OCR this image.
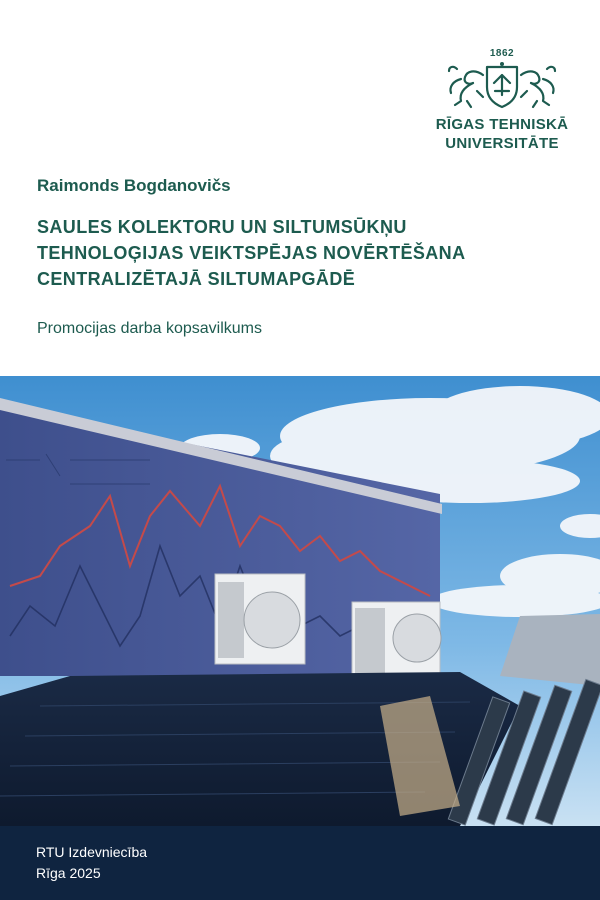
1862
RĪGAS TEHNISKĀ
UNIVERSITĀTE
Raimonds Bogdanovičs
SAULES KOLEKTORU UN SILTUMSŪKŅU
TEHNOLOĢIJAS VEIKTSPĒJAS NOVĒRTĒŠANA
CENTRALIZĒTAJĀ SILTUMAPGĀDĒ
Promocijas darba kopsavilkums
RTU Izdevniecība
Rīga 2025
